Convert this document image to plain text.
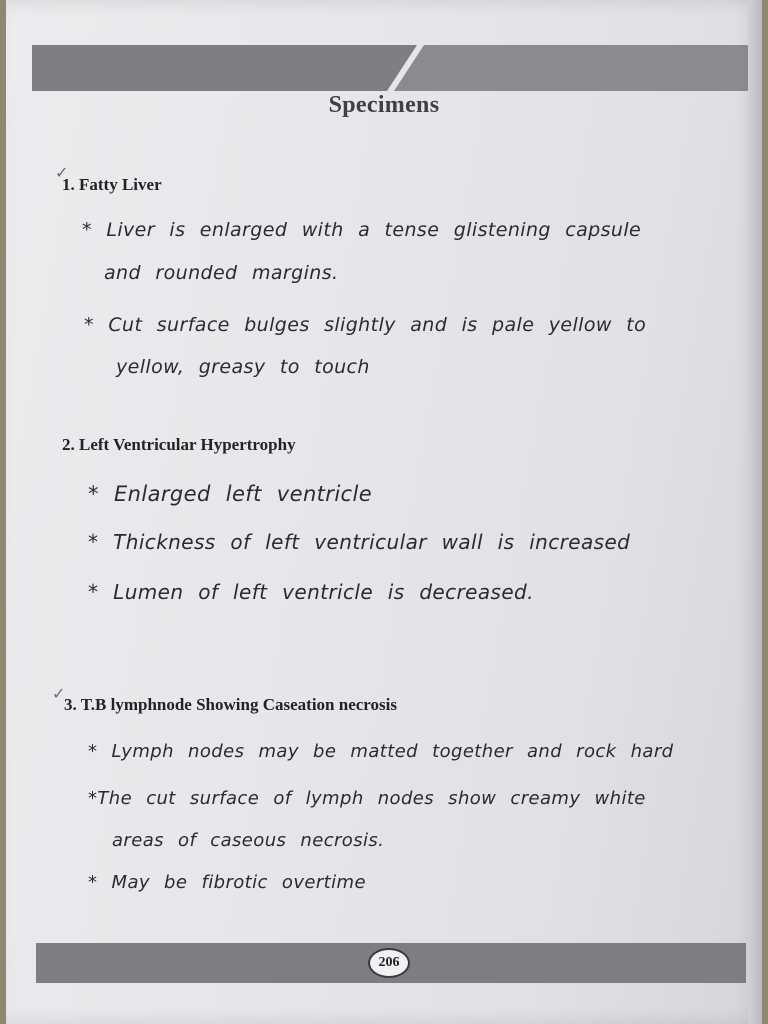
Specimens
✓
1. Fatty Liver
* Liver is enlarged with a tense glistening capsule
and rounded margins.
* Cut surface bulges slightly and is pale yellow to
yellow, greasy to touch
2. Left Ventricular Hypertrophy
* Enlarged left ventricle
* Thickness of left ventricular wall is increased
* Lumen of left ventricle is decreased.
✓
3. T.B lymphnode Showing Caseation necrosis
* Lymph nodes may be matted together and rock hard
*The cut surface of lymph nodes show creamy white
areas of caseous necrosis.
* May be fibrotic overtime
206
